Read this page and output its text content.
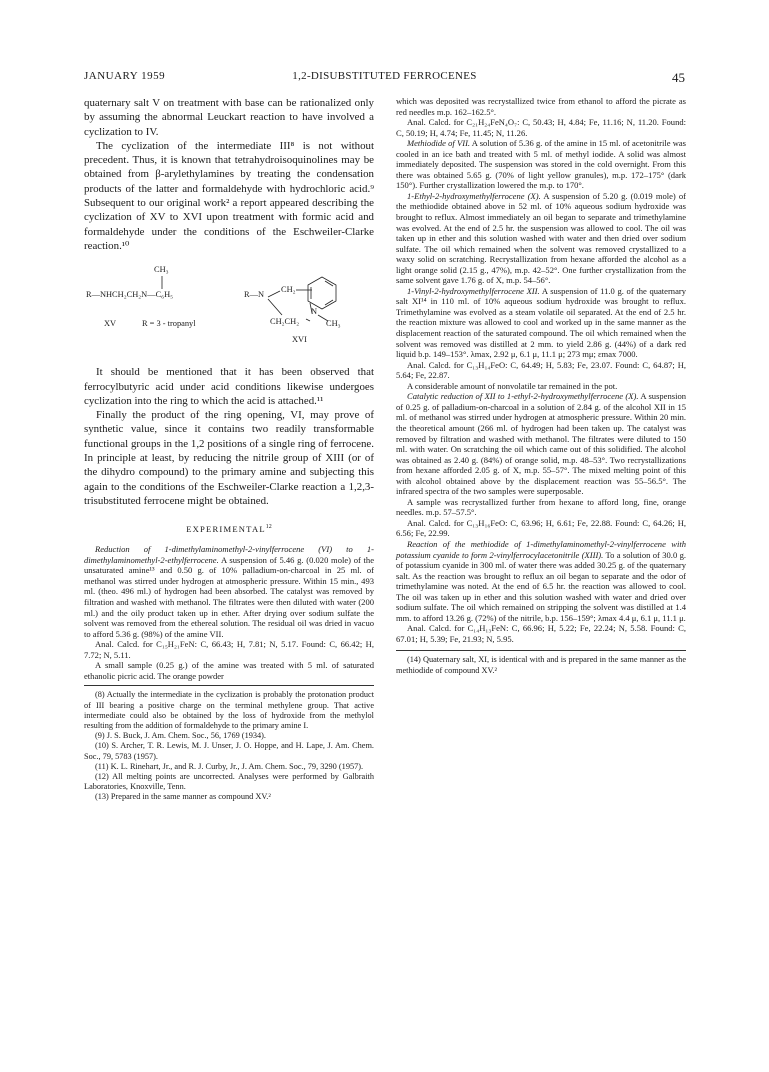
JANUARY 1959	1,2-DISUBSTITUTED FERROCENES	45

quaternary salt V on treatment with base can be rationalized only by assuming the abnormal Leuckart reaction to have involved a cyclization to IV.

The cyclization of the intermediate III⁸ is not without precedent. Thus, it is known that tetrahydroisoquinolines may be obtained from β-arylethylamines by treating the condensation products of the latter and formaldehyde with hydrochloric acid.⁹ Subsequent to our original work² a report appeared describing the cyclization of XV to XVI upon treatment with formic acid and formaldehyde under the conditions of the Eschweiler-Clarke reaction.¹⁰

CH₃
R—NHCH₂CH₂N—C₆H₅	R—N
CH₂
CH₂CH₂
N
CH₃
XV	R = 3 - tropanyl
XVI

It should be mentioned that it has been observed that ferrocylbutyric acid under acid conditions likewise undergoes cyclization into the ring to which the acid is attached.¹¹

Finally the product of the ring opening, VI, may prove of synthetic value, since it contains two readily transformable functional groups in the 1,2 positions of a single ring of ferrocene. In principle at least, by reducing the nitrile group of XIII (or of the dihydro compound) to the primary amine and subjecting this again to the conditions of the Eschweiler-Clarke reaction a 1,2,3-trisubstituted ferrocene might be obtained.

EXPERIMENTAL$^{12}$

Reduction of 1-dimethylaminomethyl-2-vinylferrocene (VI) to 1-dimethylaminomethyl-2-ethylferrocene. A suspension of 5.46 g. (0.020 mole) of the unsaturated amine¹³ and 0.50 g. of 10% palladium-on-charcoal in 25 ml. of methanol was stirred under hydrogen at atmospheric pressure. Within 15 min., 493 ml. (theo. 496 ml.) of hydrogen had been absorbed. The catalyst was removed by filtration and washed with methanol. The filtrates were then diluted with water (200 ml.) and the oily product taken up in ether. After drying over sodium sulfate the solvent was removed from the ethereal solution. The residual oil was dried in vacuo to afford 5.36 g. (98%) of the amine VII.

Anal. Calcd. for C₁₅H₂₁FeN: C, 66.43; H, 7.81; N, 5.17. Found: C, 66.42; H, 7.72; N, 5.11.

A small sample (0.25 g.) of the amine was treated with 5 ml. of saturated ethanolic picric acid. The orange powder

(8) Actually the intermediate in the cyclization is probably the protonation product of III bearing a positive charge on the terminal methylene group. That active intermediate could also be obtained by the loss of hydroxide from the methylol resulting from the addition of formaldehyde to the primary amine I.

(9) J. S. Buck, J. Am. Chem. Soc., 56, 1769 (1934).

(10) S. Archer, T. R. Lewis, M. J. Unser, J. O. Hoppe, and H. Lape, J. Am. Chem. Soc., 79, 5783 (1957).

(11) K. L. Rinehart, Jr., and R. J. Curby, Jr., J. Am. Chem. Soc., 79, 3290 (1957).

(12) All melting points are uncorrected. Analyses were performed by Galbraith Laboratories, Knoxville, Tenn.

(13) Prepared in the same manner as compound XV.²

which was deposited was recrystallized twice from ethanol to afford the picrate as red needles m.p. 162–162.5°.

Anal. Calcd. for C₂₁H₂₄FeN₄O₇: C, 50.43; H, 4.84; Fe, 11.16; N, 11.20. Found: C, 50.19; H, 4.74; Fe, 11.45; N, 11.26.

Methiodide of VII. A solution of 5.36 g. of the amine in 15 ml. of acetonitrile was cooled in an ice bath and treated with 5 ml. of methyl iodide. A solid was almost immediately deposited. The suspension was stored in the cold overnight. From this there was obtained 5.65 g. (70% of light yellow granules), m.p. 172–175° (dark 150°). Further crystallization lowered the m.p. to 170°.

1-Ethyl-2-hydroxymethylferrocene (X). A suspension of 5.20 g. (0.019 mole) of the methiodide obtained above in 52 ml. of 10% aqueous sodium hydroxide was brought to reflux. Almost immediately an oil began to separate and trimethylamine was evolved. At the end of 2.5 hr. the suspension was allowed to cool. The oil was taken up in ether and this solution washed with water and then dried over sodium sulfate. The oil which remained when the solvent was removed crystallized to a waxy solid on scratching. Recrystallization from hexane afforded the alcohol as a light orange solid (2.15 g., 47%), m.p. 42–52°. One further crystallization from the same solvent gave 1.76 g. of X, m.p. 54–56°.

1-Vinyl-2-hydroxymethylferrocene XII. A suspension of 11.0 g. of the quaternary salt XI¹⁴ in 110 ml. of 10% aqueous sodium hydroxide was brought to reflux. Trimethylamine was evolved as a steam volatile oil separated. At the end of 2.5 hr. the reaction mixture was allowed to cool and worked up in the same manner as the displacement reaction of the saturated compound. The oil which remained when the solvent was removed was distilled at 2 mm. to yield 2.86 g. (44%) of a dark red liquid b.p. 149–153°. λmax, 2.92 μ, 6.1 μ, 11.1 μ; 273 mμ; εmax 7000.

Anal. Calcd. for C₁₃H₁₄FeO: C, 64.49; H, 5.83; Fe, 23.07. Found: C, 64.87; H, 5.64; Fe, 22.87.

A considerable amount of nonvolatile tar remained in the pot.

Catalytic reduction of XII to 1-ethyl-2-hydroxymethylferrocene (X). A suspension of 0.25 g. of palladium-on-charcoal in a solution of 2.84 g. of the alcohol XII in 15 ml. of methanol was stirred under hydrogen at atmospheric pressure. Within 20 min. the theoretical amount (266 ml. of hydrogen had been taken up. The catalyst was removed by filtration and washed with methanol. The filtrates were diluted to 150 ml. with water. On scratching the oil which came out of this solidified. The alcohol was obtained as 2.40 g. (84%) of orange solid, m.p. 48–53°. Two recrystallizations from hexane afforded 2.05 g. of X, m.p. 55–57°. The mixed melting point of this with alcohol obtained above by the displacement reaction was 55–56.5°. The infrared spectra of the two samples were superposable.

A sample was recrystallized further from hexane to afford long, fine, orange needles. m.p. 57–57.5°.

Anal. Calcd. for C₁₃H₁₆FeO: C, 63.96; H, 6.61; Fe, 22.88. Found: C, 64.26; H, 6.56; Fe, 22.99.

Reaction of the methiodide of 1-dimethylaminomethyl-2-vinylferrocene with potassium cyanide to form 2-vinylferrocylacetonitrile (XIII). To a solution of 30.0 g. of potassium cyanide in 300 ml. of water there was added 30.25 g. of the quaternary salt. As the reaction was brought to reflux an oil began to separate and the odor of trimethylamine was noted. At the end of 6.5 hr. the reaction was allowed to cool. The oil was taken up in ether and this solution washed with water and dried over sodium sulfate. The oil which remained on stripping the solvent was distilled at 1.4 mm. to afford 13.26 g. (72%) of the nitrile, b.p. 156–159°; λmax 4.4 μ, 6.1 μ, 11.1 μ.

Anal. Calcd. for C₁₄H₁₃FeN: C, 66.96; H, 5.22; Fe, 22.24; N, 5.58. Found: C, 67.01; H, 5.39; Fe, 21.93; N, 5.95.

(14) Quaternary salt, XI, is identical with and is prepared in the same manner as the methiodide of compound XV.²
